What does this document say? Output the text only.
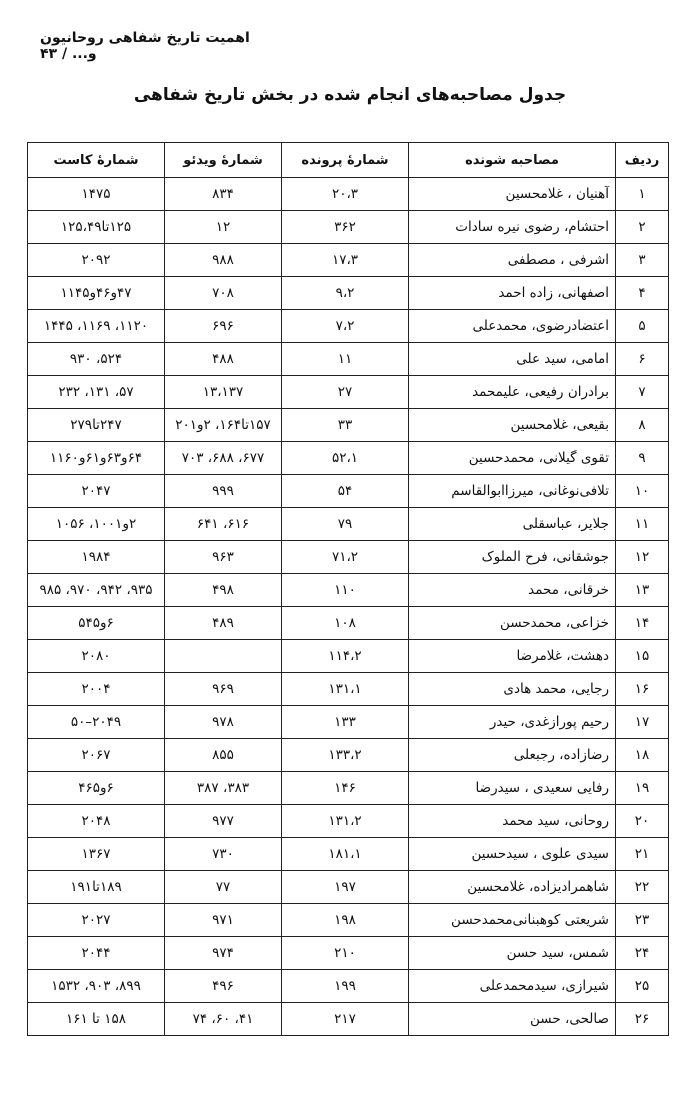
اهمیت تاریخ شفاهی روحانیون و... / ۴۳
جدول مصاحبه‌های انجام شده در بخش تاریخ شفاهی
ردیف	مصاحبه شونده	شمارهٔ پرونده	شمارهٔ ویدئو	شمارهٔ کاست
۱	آهنیان ، غلامحسین	۲۰،۳	۸۳۴	۱۴۷۵
۲	احتشام، رضوی نیره سادات	۳۶۲	۱۲	۱۲۵تا۱۲۵،۴۹
۳	اشرفی ، مصطفی	۱۷،۳	۹۸۸	۲۰۹۲
۴	اصفهانی، زاده احمد	۹،۲	۷۰۸	۴۷و۴۶و۱۱۴۵
۵	اعتضادرضوی، محمدعلی	۷،۲	۶۹۶	۱۱۲۰، ۱۱۶۹، ۱۴۴۵
۶	امامی، سید علی	۱۱	۴۸۸	۵۲۴، ۹۳۰
۷	برادران رفیعی، علیمحمد	۲۷	۱۳،۱۳۷	۵۷، ۱۳۱، ۲۳۲
۸	بقیعی، غلامحسین	۳۳	۱۵۷تا۱۶۴، ۲و۲۰۱	۲۴۷تا۲۷۹
۹	تقوی گیلانی، محمدحسین	۵۲،۱	۶۷۷، ۶۸۸، ۷۰۳	۶۴و۶۳و۶۱و۱۱۶۰
۱۰	تلافی‌نوغانی، میرزاابوالقاسم	۵۴	۹۹۹	۲۰۴۷
۱۱	جلایر، عباسقلی	۷۹	۶۱۶، ۶۴۱	۲و۱۰۰۱، ۱۰۵۶
۱۲	جوشقانی، فرح الملوک	۷۱،۲	۹۶۳	۱۹۸۴
۱۳	خرقانی، محمد	۱۱۰	۴۹۸	۹۳۵، ۹۴۲، ۹۷۰، ۹۸۵
۱۴	خزاعی، محمدحسن	۱۰۸	۴۸۹	۶و۵۴۵
۱۵	دهشت، غلامرضا	۱۱۴،۲		۲۰۸۰
۱۶	رجایی، محمد هادی	۱۳۱،۱	۹۶۹	۲۰۰۴
۱۷	رحیم پورازغدی، حیدر	۱۳۳	۹۷۸	۲۰۴۹–۵۰
۱۸	رضازاده، رجبعلی	۱۳۳،۲	۸۵۵	۲۰۶۷
۱۹	رفایی سعیدی ، سیدرضا	۱۴۶	۳۸۳، ۳۸۷	۶و۴۶۵
۲۰	روحانی، سید محمد	۱۳۱،۲	۹۷۷	۲۰۴۸
۲۱	سیدی علوی ، سیدحسین	۱۸۱،۱	۷۳۰	۱۳۶۷
۲۲	شاهمرادیزاده، غلامحسین	۱۹۷	۷۷	۱۸۹تا۱۹۱
۲۳	شریعتی کوهبنانی‌محمدحسن	۱۹۸	۹۷۱	۲۰۲۷
۲۴	شمس، سید حسن	۲۱۰	۹۷۴	۲۰۴۴
۲۵	شیرازی، سیدمحمدعلی	۱۹۹	۴۹۶	۸۹۹، ۹۰۳، ۱۵۳۲
۲۶	صالحی، حسن	۲۱۷	۴۱، ۶۰، ۷۴	۱۵۸ تا ۱۶۱
